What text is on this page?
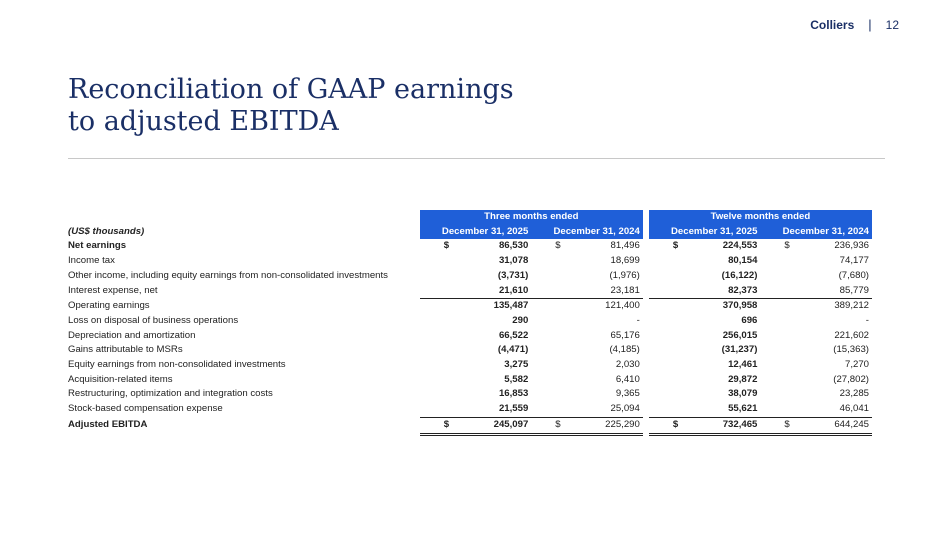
Colliers | 12
Reconciliation of GAAP earnings
to adjusted EBITDA
	Three months ended			Twelve months ended	
(US$ thousands)	December 31, 2025	December 31, 2024		December 31, 2025	December 31, 2024
Net earnings	$ 86,530	$ 81,496		$ 224,553	$ 236,936
Income tax	31,078	18,699		80,154	74,177
Other income, including equity earnings from non-consolidated investments	(3,731)	(1,976)		(16,122)	(7,680)
Interest expense, net	21,610	23,181		82,373	85,779
Operating earnings	135,487	121,400		370,958	389,212
Loss on disposal of business operations	290	-		696	-
Depreciation and amortization	66,522	65,176		256,015	221,602
Gains attributable to MSRs	(4,471)	(4,185)		(31,237)	(15,363)
Equity earnings from non-consolidated investments	3,275	2,030		12,461	7,270
Acquisition-related items	5,582	6,410		29,872	(27,802)
Restructuring, optimization and integration costs	16,853	9,365		38,079	23,285
Stock-based compensation expense	21,559	25,094		55,621	46,041
Adjusted EBITDA	$ 245,097	$ 225,290		$ 732,465	$ 644,245
